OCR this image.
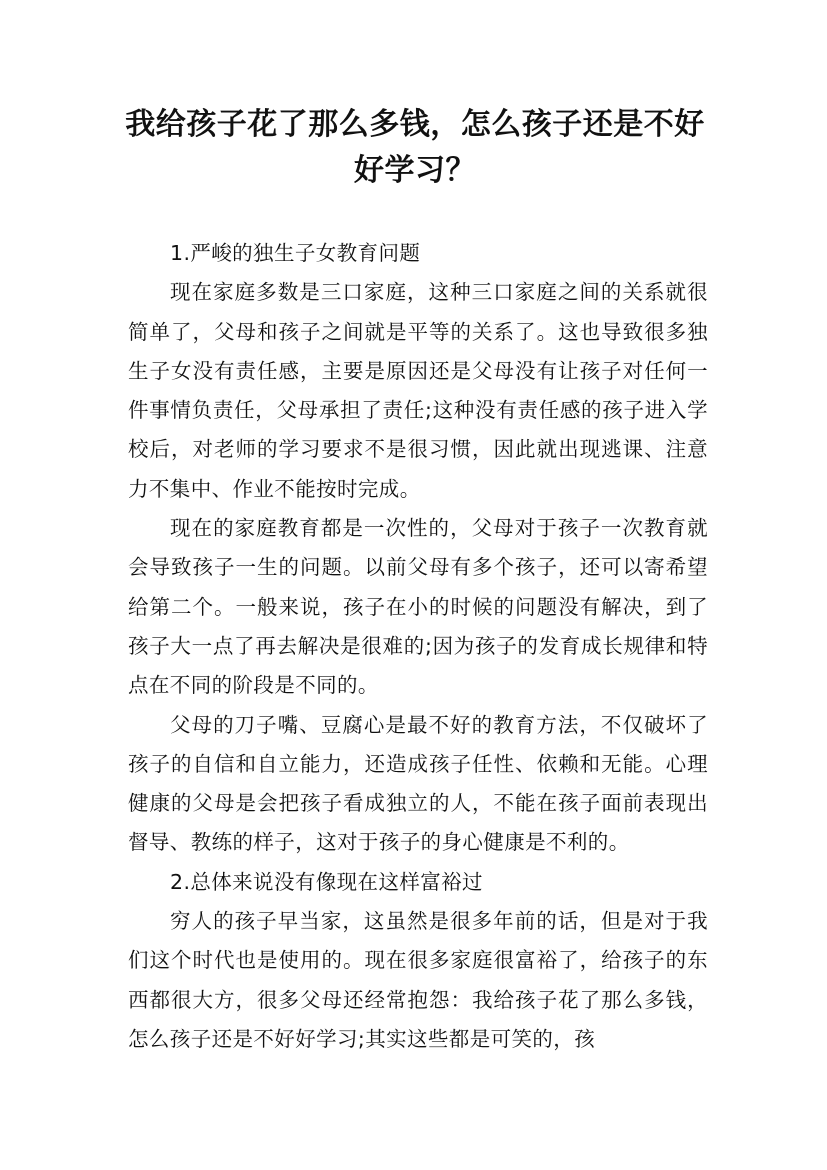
我给孩子花了那么多钱，怎么孩子还是不好
好学习？

1.严峻的独生子女教育问题

现在家庭多数是三口家庭，这种三口家庭之间的关系就很简单了，父母和孩子之间就是平等的关系了。这也导致很多独生子女没有责任感，主要是原因还是父母没有让孩子对任何一件事情负责任，父母承担了责任;这种没有责任感的孩子进入学校后，对老师的学习要求不是很习惯，因此就出现逃课、注意力不集中、作业不能按时完成。

现在的家庭教育都是一次性的，父母对于孩子一次教育就会导致孩子一生的问题。以前父母有多个孩子，还可以寄希望给第二个。一般来说，孩子在小的时候的问题没有解决，到了孩子大一点了再去解决是很难的;因为孩子的发育成长规律和特点在不同的阶段是不同的。

父母的刀子嘴、豆腐心是最不好的教育方法，不仅破坏了孩子的自信和自立能力，还造成孩子任性、依赖和无能。心理健康的父母是会把孩子看成独立的人，不能在孩子面前表现出督导、教练的样子，这对于孩子的身心健康是不利的。

2.总体来说没有像现在这样富裕过

穷人的孩子早当家，这虽然是很多年前的话，但是对于我们这个时代也是使用的。现在很多家庭很富裕了，给孩子的东西都很大方，很多父母还经常抱怨：我给孩子花了那么多钱，怎么孩子还是不好好学习;其实这些都是可笑的，孩
